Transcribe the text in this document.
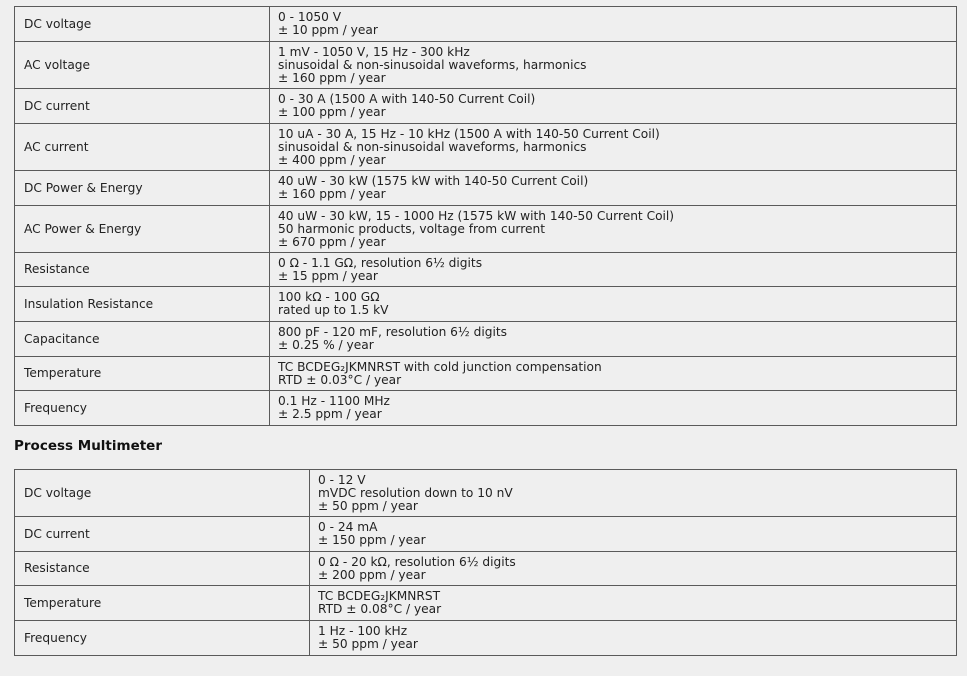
DC voltage	0 - 1050 V
± 10 ppm / year

AC voltage	1 mV - 1050 V, 15 Hz - 300 kHz
sinusoidal & non-sinusoidal waveforms, harmonics
± 160 ppm / year

DC current	0 - 30 A (1500 A with 140-50 Current Coil)
± 100 ppm / year

AC current	10 uA - 30 A, 15 Hz - 10 kHz (1500 A with 140-50 Current Coil)
sinusoidal & non-sinusoidal waveforms, harmonics
± 400 ppm / year

DC Power & Energy	40 uW - 30 kW (1575 kW with 140-50 Current Coil)
± 160 ppm / year

AC Power & Energy	40 uW - 30 kW, 15 - 1000 Hz (1575 kW with 140-50 Current Coil)
50 harmonic products, voltage from current
± 670 ppm / year

Resistance	0 Ω - 1.1 GΩ, resolution 6½ digits
± 15 ppm / year

Insulation Resistance	100 kΩ - 100 GΩ
rated up to 1.5 kV

Capacitance	800 pF - 120 mF, resolution 6½ digits
± 0.25 % / year

Temperature	TC BCDEG₂JKMNRST with cold junction compensation
RTD ± 0.03°C / year

Frequency	0.1 Hz - 1100 MHz
± 2.5 ppm / year
Process Multimeter
DC voltage	0 - 12 V
mVDC resolution down to 10 nV
± 50 ppm / year

DC current	0 - 24 mA
± 150 ppm / year

Resistance	0 Ω - 20 kΩ, resolution 6½ digits
± 200 ppm / year

Temperature	TC BCDEG₂JKMNRST
RTD ± 0.08°C / year

Frequency	1 Hz - 100 kHz
± 50 ppm / year
